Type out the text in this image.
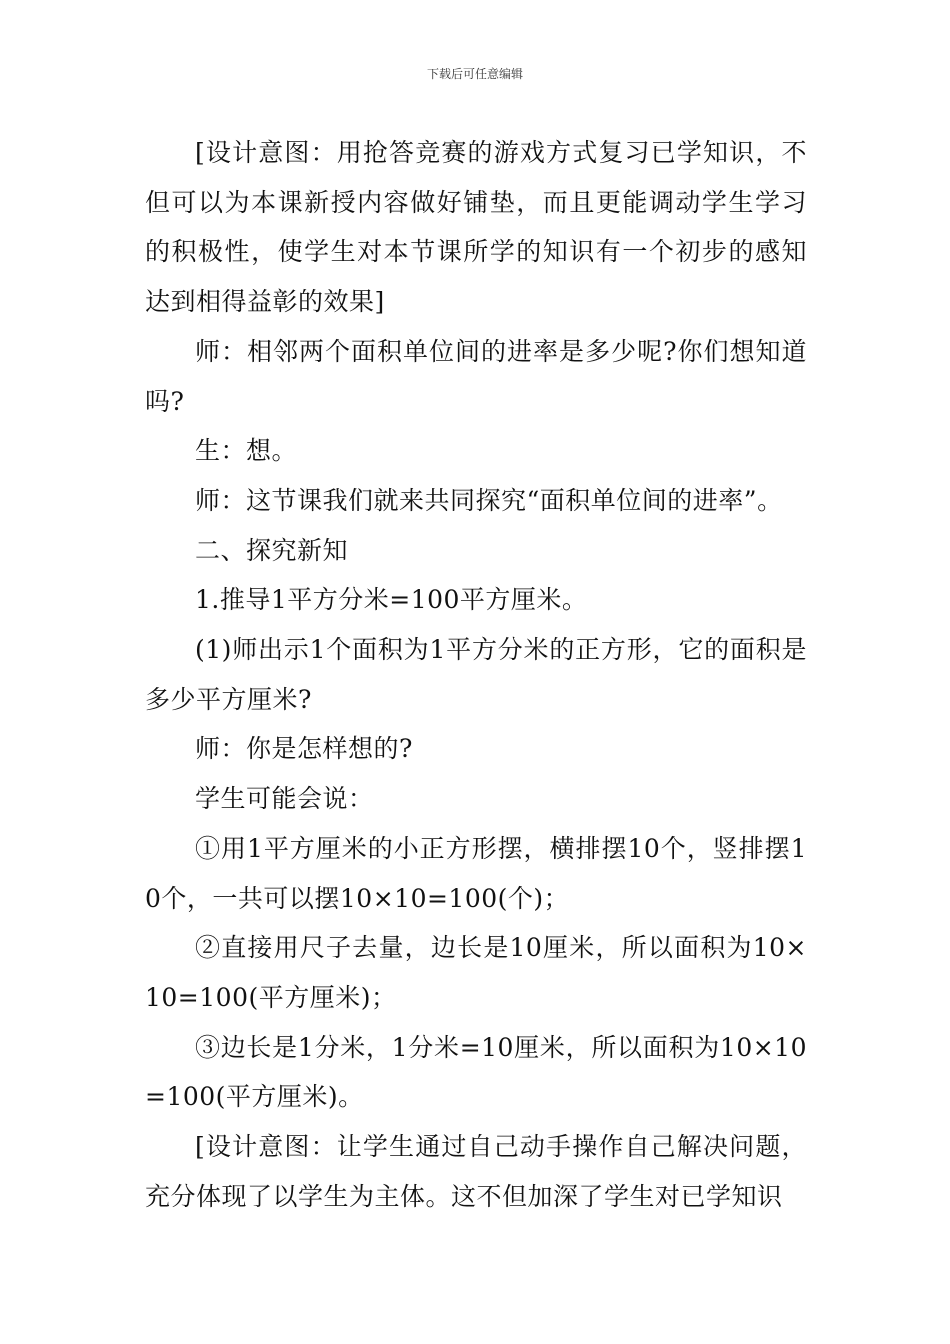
下载后可任意编辑

[设计意图：用抢答竞赛的游戏方式复习已学知识，不但可以为本课新授内容做好铺垫，而且更能调动学生学习的积极性，使学生对本节课所学的知识有一个初步的感知达到相得益彰的效果]

师：相邻两个面积单位间的进率是多少呢?你们想知道吗?

生：想。

师：这节课我们就来共同探究“面积单位间的进率”。

二、探究新知

1.推导1平方分米=100平方厘米。

(1)师出示1个面积为1平方分米的正方形，它的面积是多少平方厘米?

师：你是怎样想的?

学生可能会说：

①用1平方厘米的小正方形摆，横排摆10个，竖排摆10个，一共可以摆10×10=100(个)；

②直接用尺子去量，边长是10厘米，所以面积为10×10=100(平方厘米)；

③边长是1分米，1分米=10厘米，所以面积为10×10=100(平方厘米)。

[设计意图：让学生通过自己动手操作自己解决问题，充分体现了以学生为主体。这不但加深了学生对已学知识
